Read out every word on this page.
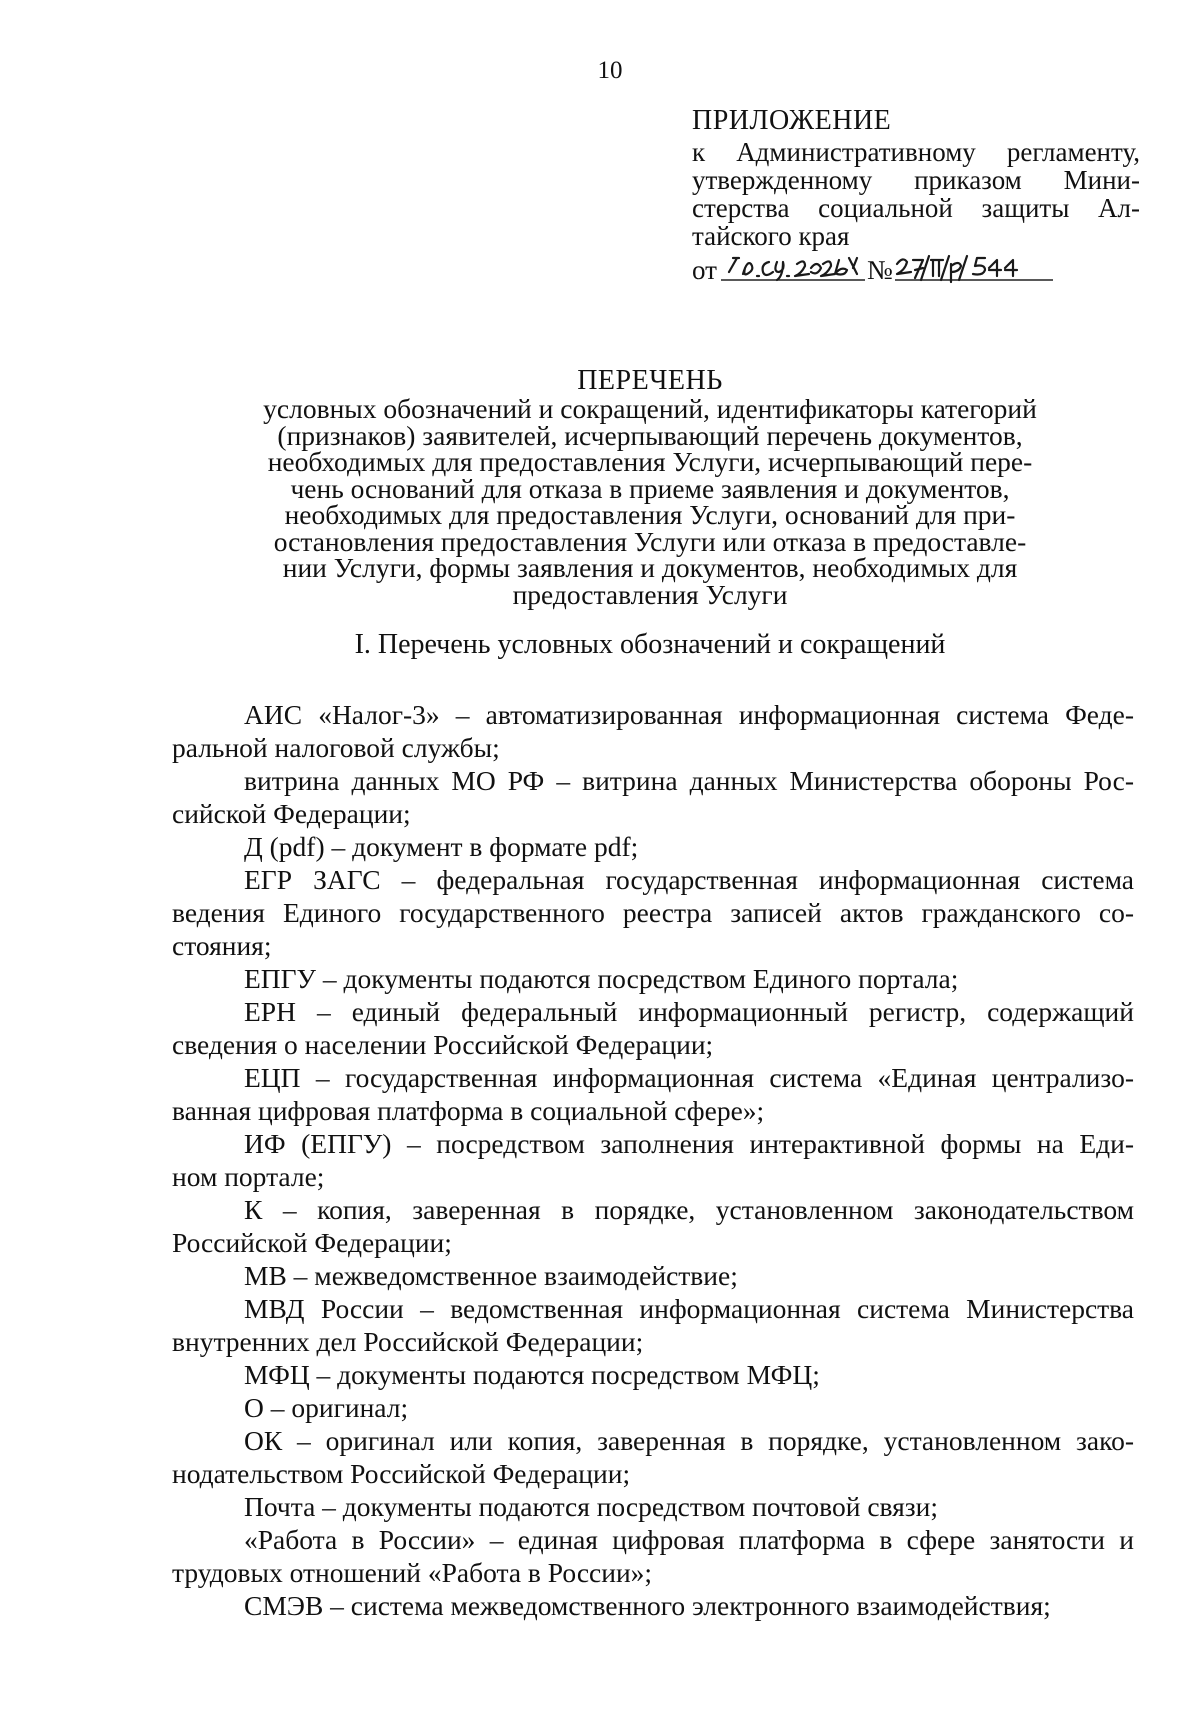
10
ПРИЛОЖЕНИЕ
к Административному регламенту,
утвержденному приказом Мини-
стерства социальной защиты Ал-
тайского края
от	№
ПЕРЕЧЕНЬ
условных обозначений и сокращений, идентификаторы категорий
(признаков) заявителей, исчерпывающий перечень документов,
необходимых для предоставления Услуги, исчерпывающий пере-
чень оснований для отказа в приеме заявления и документов,
необходимых для предоставления Услуги, оснований для при-
остановления предоставления Услуги или отказа в предоставле-
нии Услуги, формы заявления и документов, необходимых для
предоставления Услуги
I. Перечень условных обозначений и сокращений
АИС «Налог-3» – автоматизированная информационная система Феде-
ральной налоговой службы;
витрина данных МО РФ – витрина данных Министерства обороны Рос-
сийской Федерации;
Д (pdf) – документ в формате pdf;
ЕГР ЗАГС – федеральная государственная информационная система
ведения Единого государственного реестра записей актов гражданского со-
стояния;
ЕПГУ – документы подаются посредством Единого портала;
ЕРН – единый федеральный информационный регистр, содержащий
сведения о населении Российской Федерации;
ЕЦП – государственная информационная система «Единая централизо-
ванная цифровая платформа в социальной сфере»;
ИФ (ЕПГУ) – посредством заполнения интерактивной формы на Еди-
ном портале;
К – копия, заверенная в порядке, установленном законодательством
Российской Федерации;
МВ – межведомственное взаимодействие;
МВД России – ведомственная информационная система Министерства
внутренних дел Российской Федерации;
МФЦ – документы подаются посредством МФЦ;
О – оригинал;
ОК – оригинал или копия, заверенная в порядке, установленном зако-
нодательством Российской Федерации;
Почта – документы подаются посредством почтовой связи;
«Работа в России» – единая цифровая платформа в сфере занятости и
трудовых отношений «Работа в России»;
СМЭВ – система межведомственного электронного взаимодействия;
